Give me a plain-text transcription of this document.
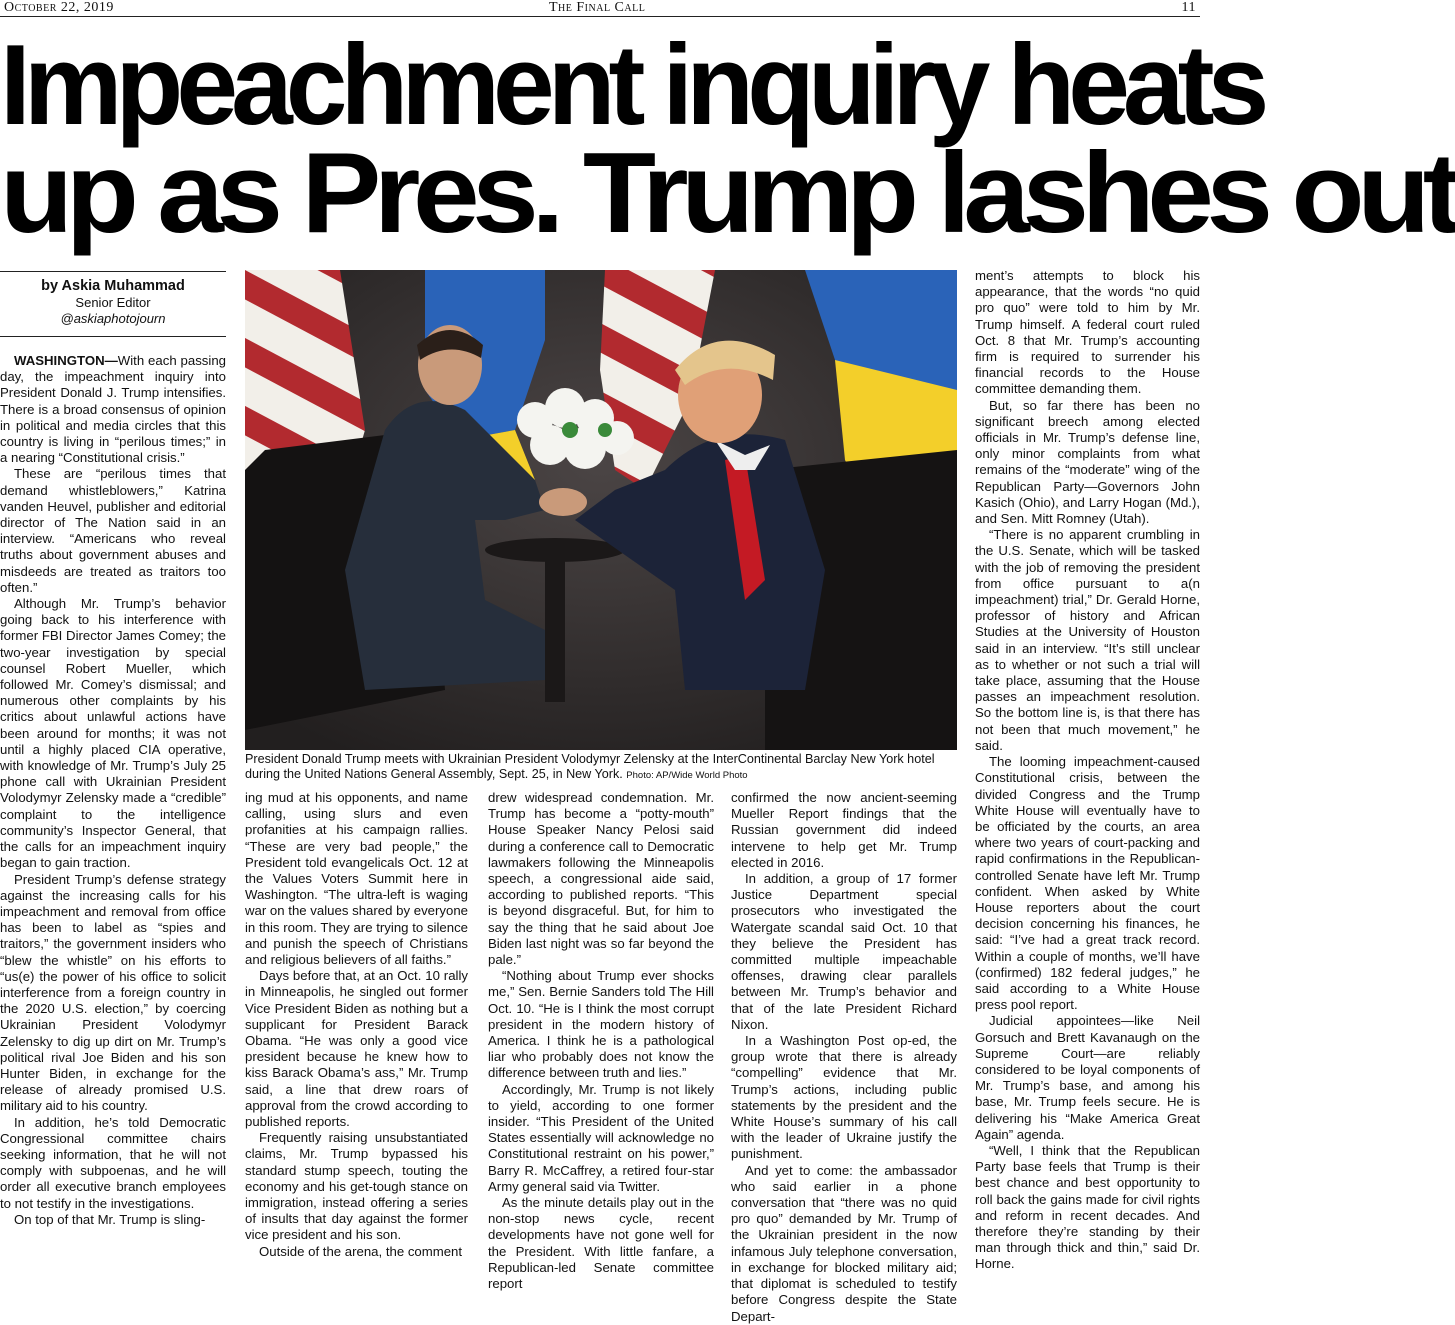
October 22, 2019	The Final Call	11
Impeachment inquiry heats
up as Pres. Trump lashes out
by Askia Muhammad
Senior Editor
@askiaphotojourn

WASHINGTON—With each passing day, the impeachment inquiry into President Donald J. Trump intensifies. There is a broad consensus of opinion in political and media circles that this country is living in “perilous times;” in a nearing “Constitutional crisis.”

These are “perilous times that demand whistleblowers,” Katrina vanden Heuvel, publisher and editorial director of The Nation said in an interview. “Americans who reveal truths about government abuses and misdeeds are treated as traitors too often.”

Although Mr. Trump’s behavior going back to his interference with former FBI Director James Comey; the two-year investigation by special counsel Robert Mueller, which followed Mr. Comey’s dismissal; and numerous other complaints by his critics about unlawful actions have been around for months; it was not until a highly placed CIA operative, with knowledge of Mr. Trump’s July 25 phone call with Ukrainian President Volodymyr Zelensky made a “credible” complaint to the intelligence community’s Inspector General, that the calls for an impeachment inquiry began to gain traction.

President Trump’s defense strategy against the increasing calls for his impeachment and removal from office has been to label as “spies and traitors,” the government insiders who “blew the whistle” on his efforts to “us(e) the power of his office to solicit interference from a foreign country in the 2020 U.S. election,” by coercing Ukrainian President Volodymyr Zelensky to dig up dirt on Mr. Trump’s political rival Joe Biden and his son Hunter Biden, in exchange for the release of already promised U.S. military aid to his country.

In addition, he’s told Democratic Congressional committee chairs seeking information, that he will not comply with subpoenas, and he will order all executive branch employees to not testify in the investigations.

On top of that Mr. Trump is sling-

President Donald Trump meets with Ukrainian President Volodymyr Zelensky at the InterContinental Barclay New York hotel during the United Nations General Assembly, Sept. 25, in New York. Photo: AP/Wide World Photo

ing mud at his opponents, and name calling, using slurs and even profanities at his campaign rallies. “These are very bad people,” the President told evangelicals Oct. 12 at the Values Voters Summit here in Washington. “The ultra-left is waging war on the values shared by everyone in this room. They are trying to silence and punish the speech of Christians and religious believers of all faiths.”

Days before that, at an Oct. 10 rally in Minneapolis, he singled out former Vice President Biden as nothing but a supplicant for President Barack Obama. “He was only a good vice president because he knew how to kiss Barack Obama’s ass,” Mr. Trump said, a line that drew roars of approval from the crowd according to published reports.

Frequently raising unsubstantiated claims, Mr. Trump bypassed his standard stump speech, touting the economy and his get-tough stance on immigration, instead offering a series of insults that day against the former vice president and his son.

Outside of the arena, the comment

drew widespread condemnation. Mr. Trump has become a “potty-mouth” House Speaker Nancy Pelosi said during a conference call to Democratic lawmakers following the Minneapolis speech, a congressional aide said, according to published reports. “This is beyond disgraceful. But, for him to say the thing that he said about Joe Biden last night was so far beyond the pale.”

“Nothing about Trump ever shocks me,” Sen. Bernie Sanders told The Hill Oct. 10. “He is I think the most corrupt president in the modern history of America. I think he is a pathological liar who probably does not know the difference between truth and lies.”

Accordingly, Mr. Trump is not likely to yield, according to one former insider. “This President of the United States essentially will acknowledge no Constitutional restraint on his power,” Barry R. McCaffrey, a retired four-star Army general said via Twitter.

As the minute details play out in the non-stop news cycle, recent developments have not gone well for the President. With little fanfare, a Republican-led Senate committee report

confirmed the now ancient-seeming Mueller Report findings that the Russian government did indeed intervene to help get Mr. Trump elected in 2016.

In addition, a group of 17 former Justice Department special prosecutors who investigated the Watergate scandal said Oct. 10 that they believe the President has committed multiple impeachable offenses, drawing clear parallels between Mr. Trump’s behavior and that of the late President Richard Nixon.

In a Washington Post op-ed, the group wrote that there is already “compelling” evidence that Mr. Trump’s actions, including public statements by the president and the White House’s summary of his call with the leader of Ukraine justify the punishment.

And yet to come: the ambassador who said earlier in a phone conversation that “there was no quid pro quo” demanded by Mr. Trump of the Ukrainian president in the now infamous July telephone conversation, in exchange for blocked military aid; that diplomat is scheduled to testify before Congress despite the State Depart-

ment’s attempts to block his appearance, that the words “no quid pro quo” were told to him by Mr. Trump himself. A federal court ruled Oct. 8 that Mr. Trump’s accounting firm is required to surrender his financial records to the House committee demanding them.

But, so far there has been no significant breech among elected officials in Mr. Trump’s defense line, only minor complaints from what remains of the “moderate” wing of the Republican Party—Governors John Kasich (Ohio), and Larry Hogan (Md.), and Sen. Mitt Romney (Utah).

“There is no apparent crumbling in the U.S. Senate, which will be tasked with the job of removing the president from office pursuant to a(n impeachment) trial,” Dr. Gerald Horne, professor of history and African Studies at the University of Houston said in an interview. “It’s still unclear as to whether or not such a trial will take place, assuming that the House passes an impeachment resolution. So the bottom line is, is that there has not been that much movement,” he said.

The looming impeachment-caused Constitutional crisis, between the divided Congress and the Trump White House will eventually have to be officiated by the courts, an area where two years of court-packing and rapid confirmations in the Republican-controlled Senate have left Mr. Trump confident. When asked by White House reporters about the court decision concerning his finances, he said: “I’ve had a great track record. Within a couple of months, we’ll have (confirmed) 182 federal judges,” he said according to a White House press pool report.

Judicial appointees—like Neil Gorsuch and Brett Kavanaugh on the Supreme Court—are reliably considered to be loyal components of Mr. Trump’s base, and among his base, Mr. Trump feels secure. He is delivering his “Make America Great Again” agenda.

“Well, I think that the Republican Party base feels that Trump is their best chance and best opportunity to roll back the gains made for civil rights and reform in recent decades. And therefore they’re standing by their man through thick and thin,” said Dr. Horne.
